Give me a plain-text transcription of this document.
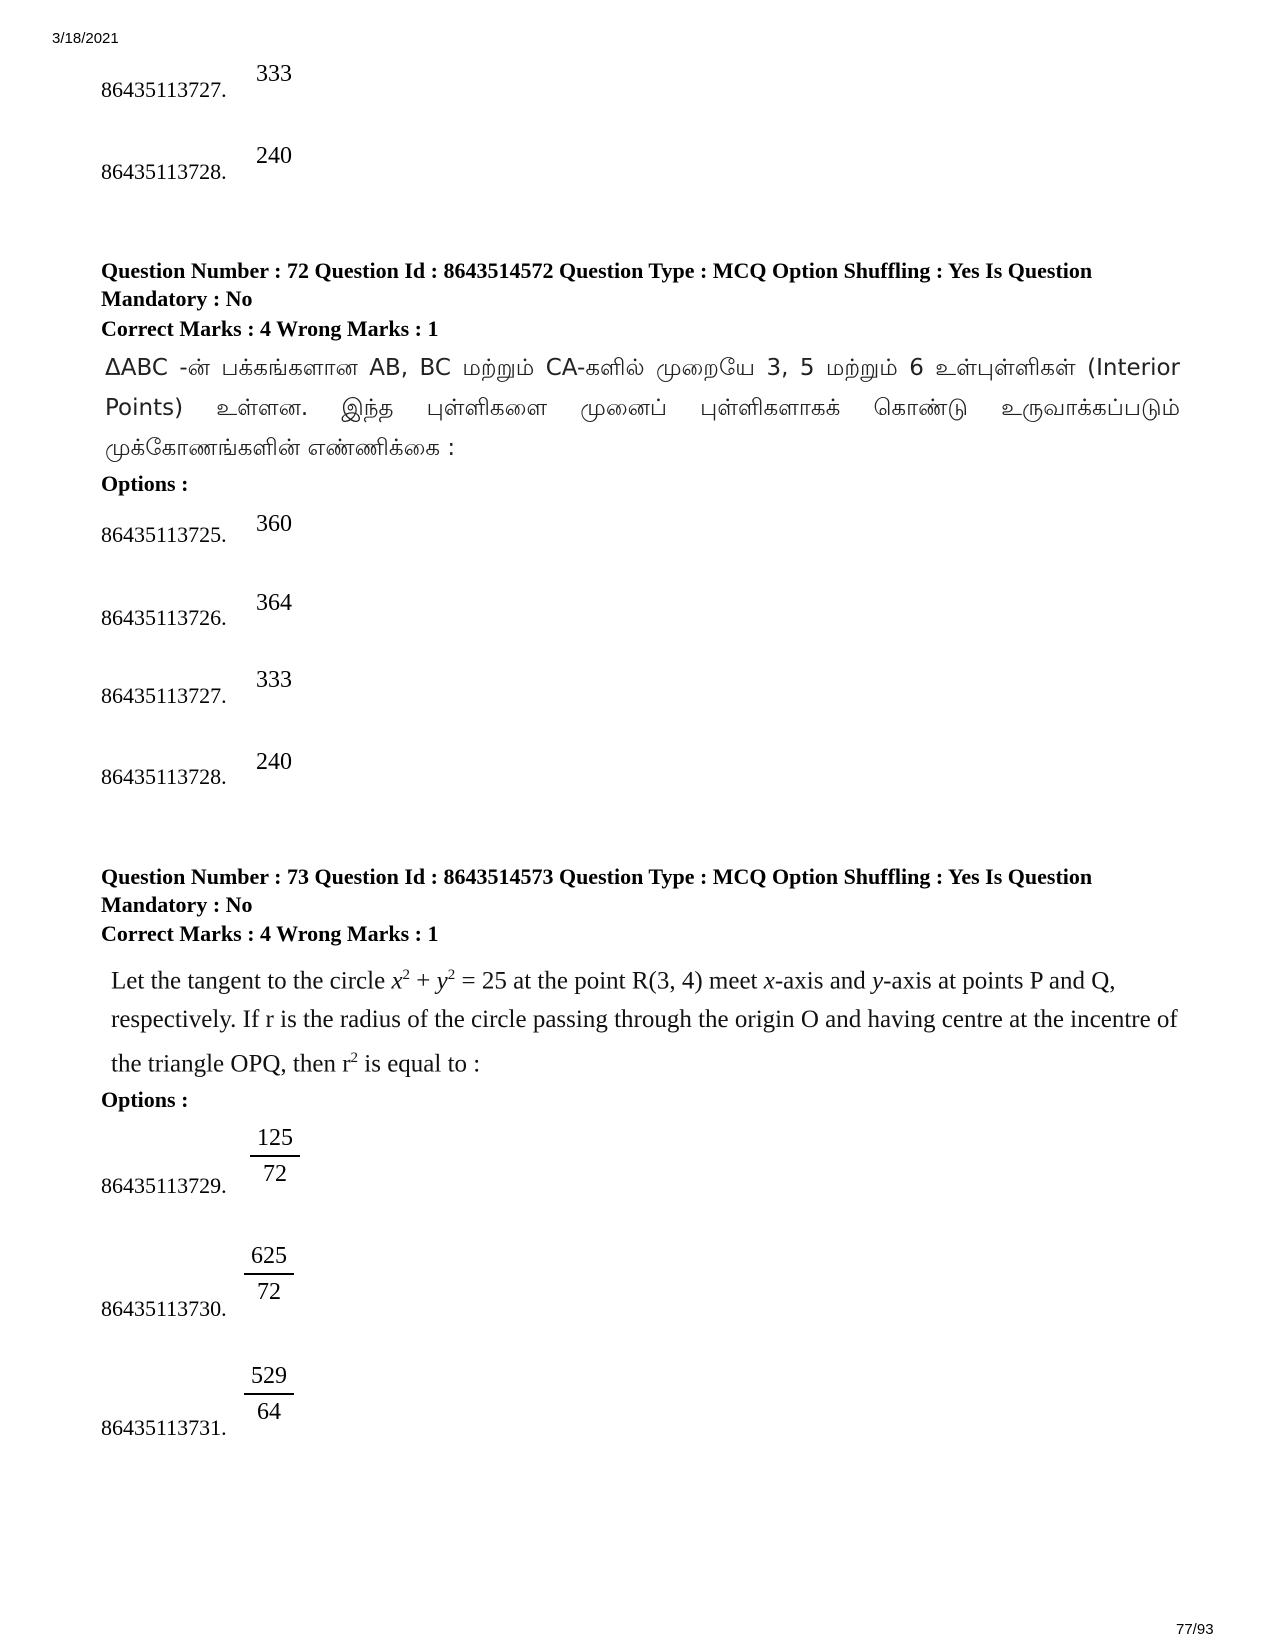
3/18/2021
86435113727.
333
86435113728.
240
Question Number : 72 Question Id : 8643514572 Question Type : MCQ Option Shuffling : Yes Is Question Mandatory : No
Correct Marks : 4 Wrong Marks : 1
ΔABC -ன் பக்கங்களான AB, BC மற்றும் CA-களில் முறையே 3, 5 மற்றும் 6 உள்புள்ளிகள் (Interior Points) உள்ளன. இந்த புள்ளிகளை முனைப் புள்ளிகளாகக் கொண்டு உருவாக்கப்படும் முக்கோணங்களின் எண்ணிக்கை :
Options :
86435113725. 360
86435113726.
364
86435113727.
333
86435113728.
240
Question Number : 73 Question Id : 8643514573 Question Type : MCQ Option Shuffling : Yes Is Question Mandatory : No
Correct Marks : 4 Wrong Marks : 1
Let the tangent to the circle $x^2 + y^2 = 25$ at the point R(3, 4) meet x-axis and y-axis at points P and Q, respectively. If r is the radius of the circle passing through the origin O and having centre at the incentre of the triangle OPQ, then $r^2$ is equal to :
Options :
86435113729. $\frac{125}{72}$
86435113730.
$\frac{625}{72}$
86435113731.
$\frac{529}{64}$
77/93
